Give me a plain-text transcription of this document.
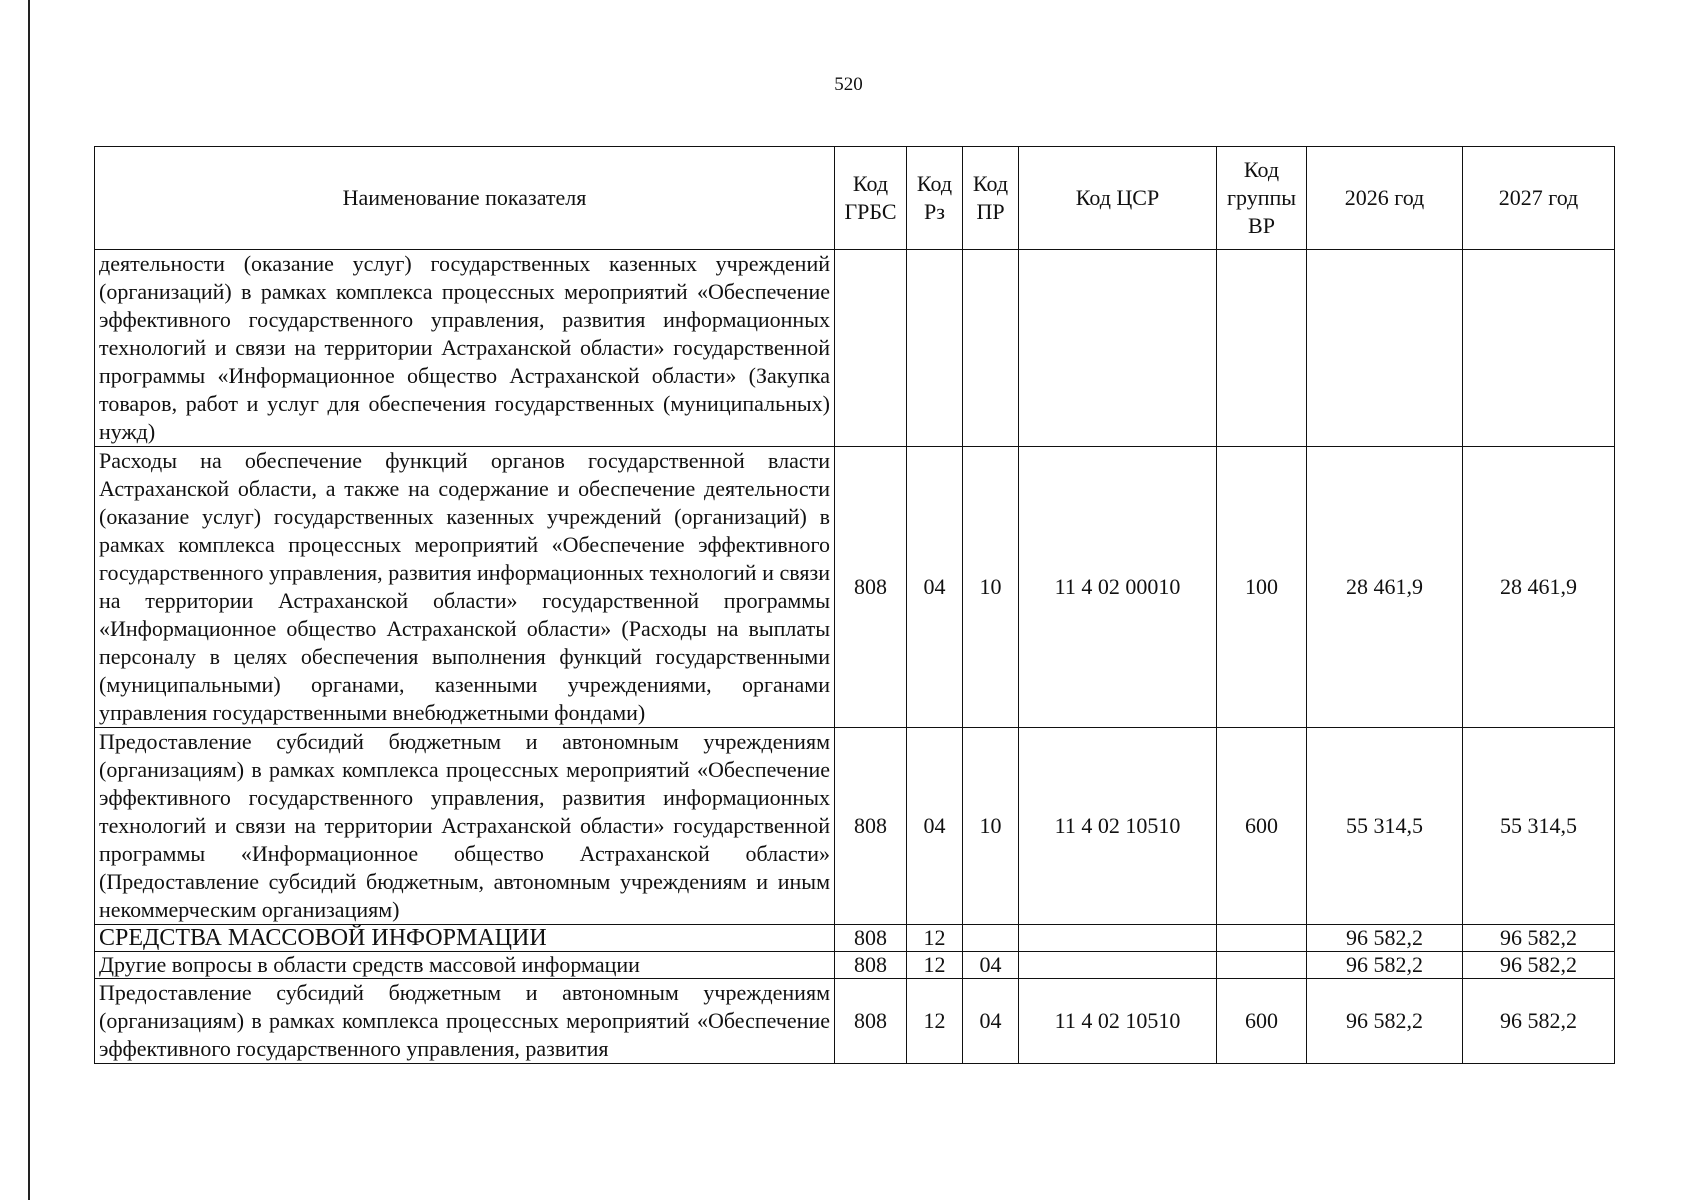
520
Наименование показателя	Код ГРБС	Код Рз	Код ПР	Код ЦСР	Код группы ВР	2026 год	2027 год
деятельности (оказание услуг) государственных казенных учреждений (организаций) в рамках комплекса процессных мероприятий «Обеспечение эффективного государственного управления, развития информационных технологий и связи на территории Астраханской области» государственной программы «Информационное общество Астраханской области» (Закупка товаров, работ и услуг для обеспечения государственных (муниципальных) нужд)							
Расходы на обеспечение функций органов государственной власти Астраханской области, а также на содержание и обеспечение деятельности (оказание услуг) государственных казенных учреждений (организаций) в рамках комплекса процессных мероприятий «Обеспечение эффективного государственного управления, развития информационных технологий и связи на территории Астраханской области» государственной программы «Информационное общество Астраханской области» (Расходы на выплаты персоналу в целях обеспечения выполнения функций государственными (муниципальными) органами, казенными учреждениями, органами управления государственными внебюджетными фондами)	808	04	10	11 4 02 00010	100	28 461,9	28 461,9
Предоставление субсидий бюджетным и автономным учреждениям (организациям) в рамках комплекса процессных мероприятий «Обеспечение эффективного государственного управления, развития информационных технологий и связи на территории Астраханской области» государственной программы «Информационное общество Астраханской области» (Предоставление субсидий бюджетным, автономным учреждениям и иным некоммерческим организациям)	808	04	10	11 4 02 10510	600	55 314,5	55 314,5
СРЕДСТВА МАССОВОЙ ИНФОРМАЦИИ	808	12				96 582,2	96 582,2
Другие вопросы в области средств массовой информации	808	12	04			96 582,2	96 582,2
Предоставление субсидий бюджетным и автономным учреждениям (организациям) в рамках комплекса процессных мероприятий «Обеспечение эффективного государственного управления, развития	808	12	04	11 4 02 10510	600	96 582,2	96 582,2
